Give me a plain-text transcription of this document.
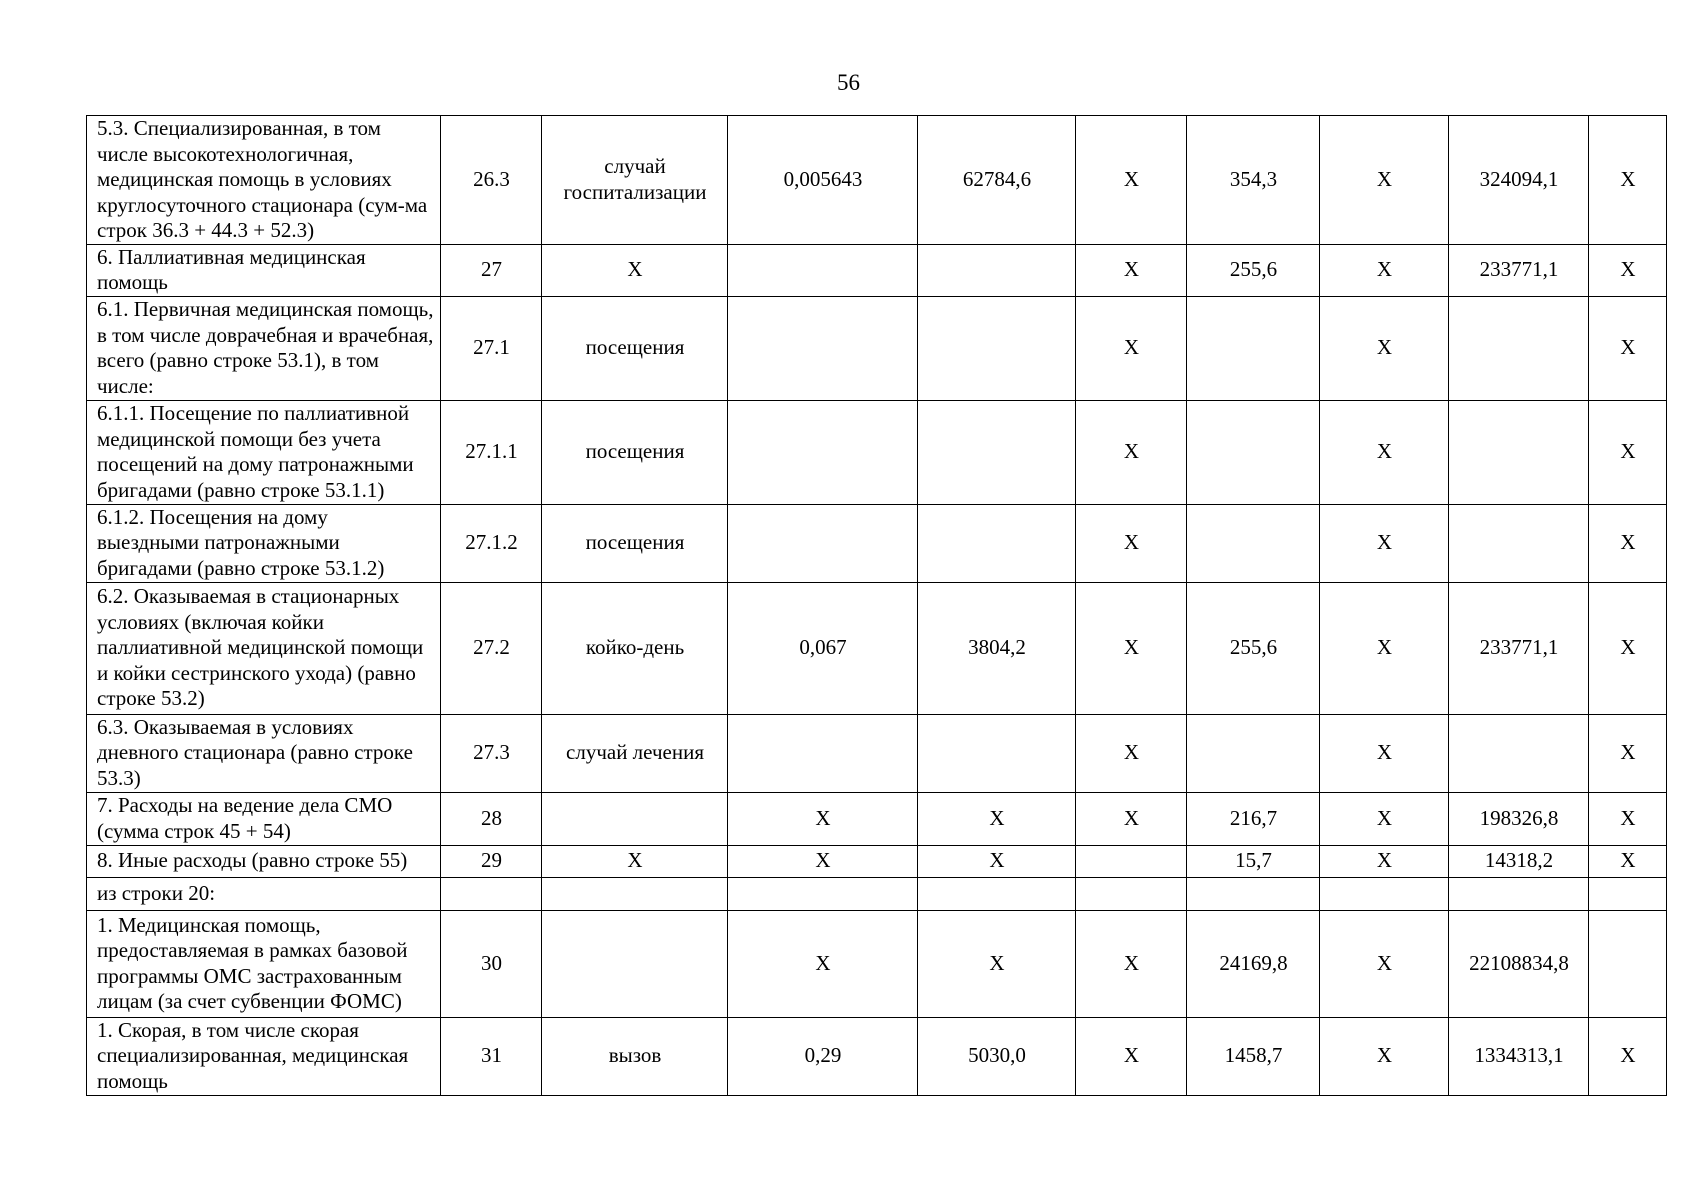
56
5.3. Специализированная, в том числе высокотехнологичная, медицинская помощь в условиях круглосуточного стационара (сум-ма строк 36.3 + 44.3 + 52.3)	26.3	случай госпитализации	0,005643	62784,6	X	354,3	X	324094,1	X
6. Паллиативная медицинская помощь	27	X			X	255,6	X	233771,1	X
6.1. Первичная медицинская помощь, в том числе доврачебная и врачебная, всего (равно строке 53.1), в том числе:	27.1	посещения			X		X		X
6.1.1. Посещение по паллиативной медицинской помощи без учета посещений на дому патронажными бригадами (равно строке 53.1.1)	27.1.1	посещения			X		X		X
6.1.2. Посещения на дому выездными патронажными бригадами (равно строке 53.1.2)	27.1.2	посещения			X		X		X
6.2. Оказываемая в стационарных условиях (включая койки паллиативной медицинской помощи и койки сестринского ухода) (равно строке 53.2)	27.2	койко-день	0,067	3804,2	X	255,6	X	233771,1	X
6.3. Оказываемая в условиях дневного стационара (равно строке 53.3)	27.3	случай лечения			X		X		X
7. Расходы на ведение дела СМО (сумма строк 45 + 54)	28		X	X	X	216,7	X	198326,8	X
8. Иные расходы (равно строке 55)	29	X	X	X		15,7	X	14318,2	X
из строки 20:									
1. Медицинская помощь, предоставляемая в рамках базовой программы ОМС застрахованным лицам (за счет субвенции ФОМС)	30		X	X	X	24169,8	X	22108834,8	
1. Скорая, в том числе скорая специализированная, медицинская помощь	31	вызов	0,29	5030,0	X	1458,7	X	1334313,1	X
